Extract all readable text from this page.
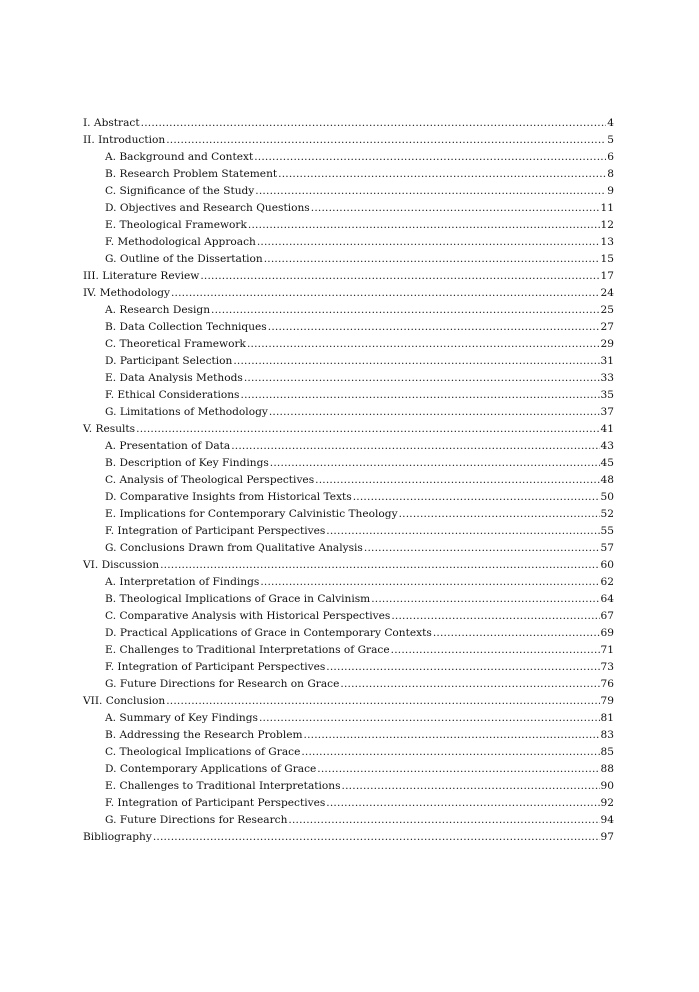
I. Abstract .....	4
II. Introduction .....	5
A. Background and Context .....	6
B. Research Problem Statement .....	8
C. Significance of the Study .....	9
D. Objectives and Research Questions .....	11
E. Theological Framework .....	12
F. Methodological Approach .....	13
G. Outline of the Dissertation .....	15
III. Literature Review .....	17
IV. Methodology .....	24
A. Research Design .....	25
B. Data Collection Techniques .....	27
C. Theoretical Framework .....	29
D. Participant Selection .....	31
E. Data Analysis Methods .....	33
F. Ethical Considerations .....	35
G. Limitations of Methodology .....	37
V. Results .....	41
A. Presentation of Data .....	43
B. Description of Key Findings .....	45
C. Analysis of Theological Perspectives .....	48
D. Comparative Insights from Historical Texts .....	50
E. Implications for Contemporary Calvinistic Theology .....	52
F. Integration of Participant Perspectives .....	55
G. Conclusions Drawn from Qualitative Analysis .....	57
VI. Discussion .....	60
A. Interpretation of Findings .....	62
B. Theological Implications of Grace in Calvinism .....	64
C. Comparative Analysis with Historical Perspectives .....	67
D. Practical Applications of Grace in Contemporary Contexts .....	69
E. Challenges to Traditional Interpretations of Grace .....	71
F. Integration of Participant Perspectives .....	73
G. Future Directions for Research on Grace .....	76
VII. Conclusion .....	79
A. Summary of Key Findings .....	81
B. Addressing the Research Problem .....	83
C. Theological Implications of Grace .....	85
D. Contemporary Applications of Grace .....	88
E. Challenges to Traditional Interpretations .....	90
F. Integration of Participant Perspectives .....	92
G. Future Directions for Research .....	94
Bibliography .....	97
